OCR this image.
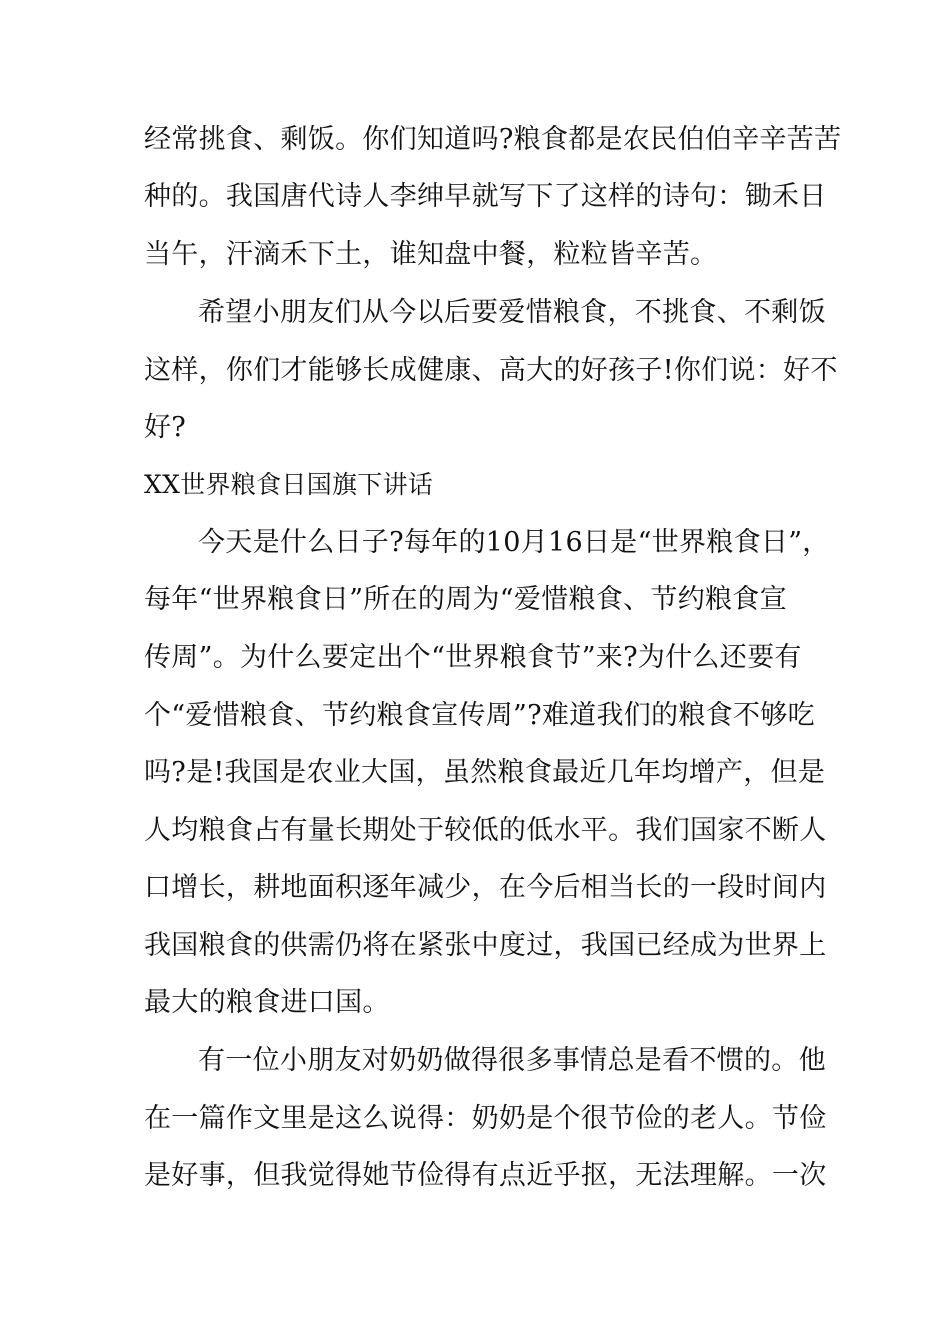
经常挑食、剩饭。你们知道吗?粮食都是农民伯伯辛辛苦苦
种的。我国唐代诗人李绅早就写下了这样的诗句：锄禾日
当午，汗滴禾下土，谁知盘中餐，粒粒皆辛苦。
希望小朋友们从今以后要爱惜粮食，不挑食、不剩饭
这样，你们才能够长成健康、高大的好孩子!你们说：好不
好?
XX世界粮食日国旗下讲话
今天是什么日子?每年的10月16日是“世界粮食日”，
每年“世界粮食日”所在的周为“爱惜粮食、节约粮食宣
传周”。为什么要定出个“世界粮食节”来?为什么还要有
个“爱惜粮食、节约粮食宣传周”?难道我们的粮食不够吃
吗?是!我国是农业大国，虽然粮食最近几年均增产，但是
人均粮食占有量长期处于较低的低水平。我们国家不断人
口增长，耕地面积逐年减少，在今后相当长的一段时间内
我国粮食的供需仍将在紧张中度过，我国已经成为世界上
最大的粮食进口国。
有一位小朋友对奶奶做得很多事情总是看不惯的。他
在一篇作文里是这么说得：奶奶是个很节俭的老人。节俭
是好事，但我觉得她节俭得有点近乎抠，无法理解。一次
